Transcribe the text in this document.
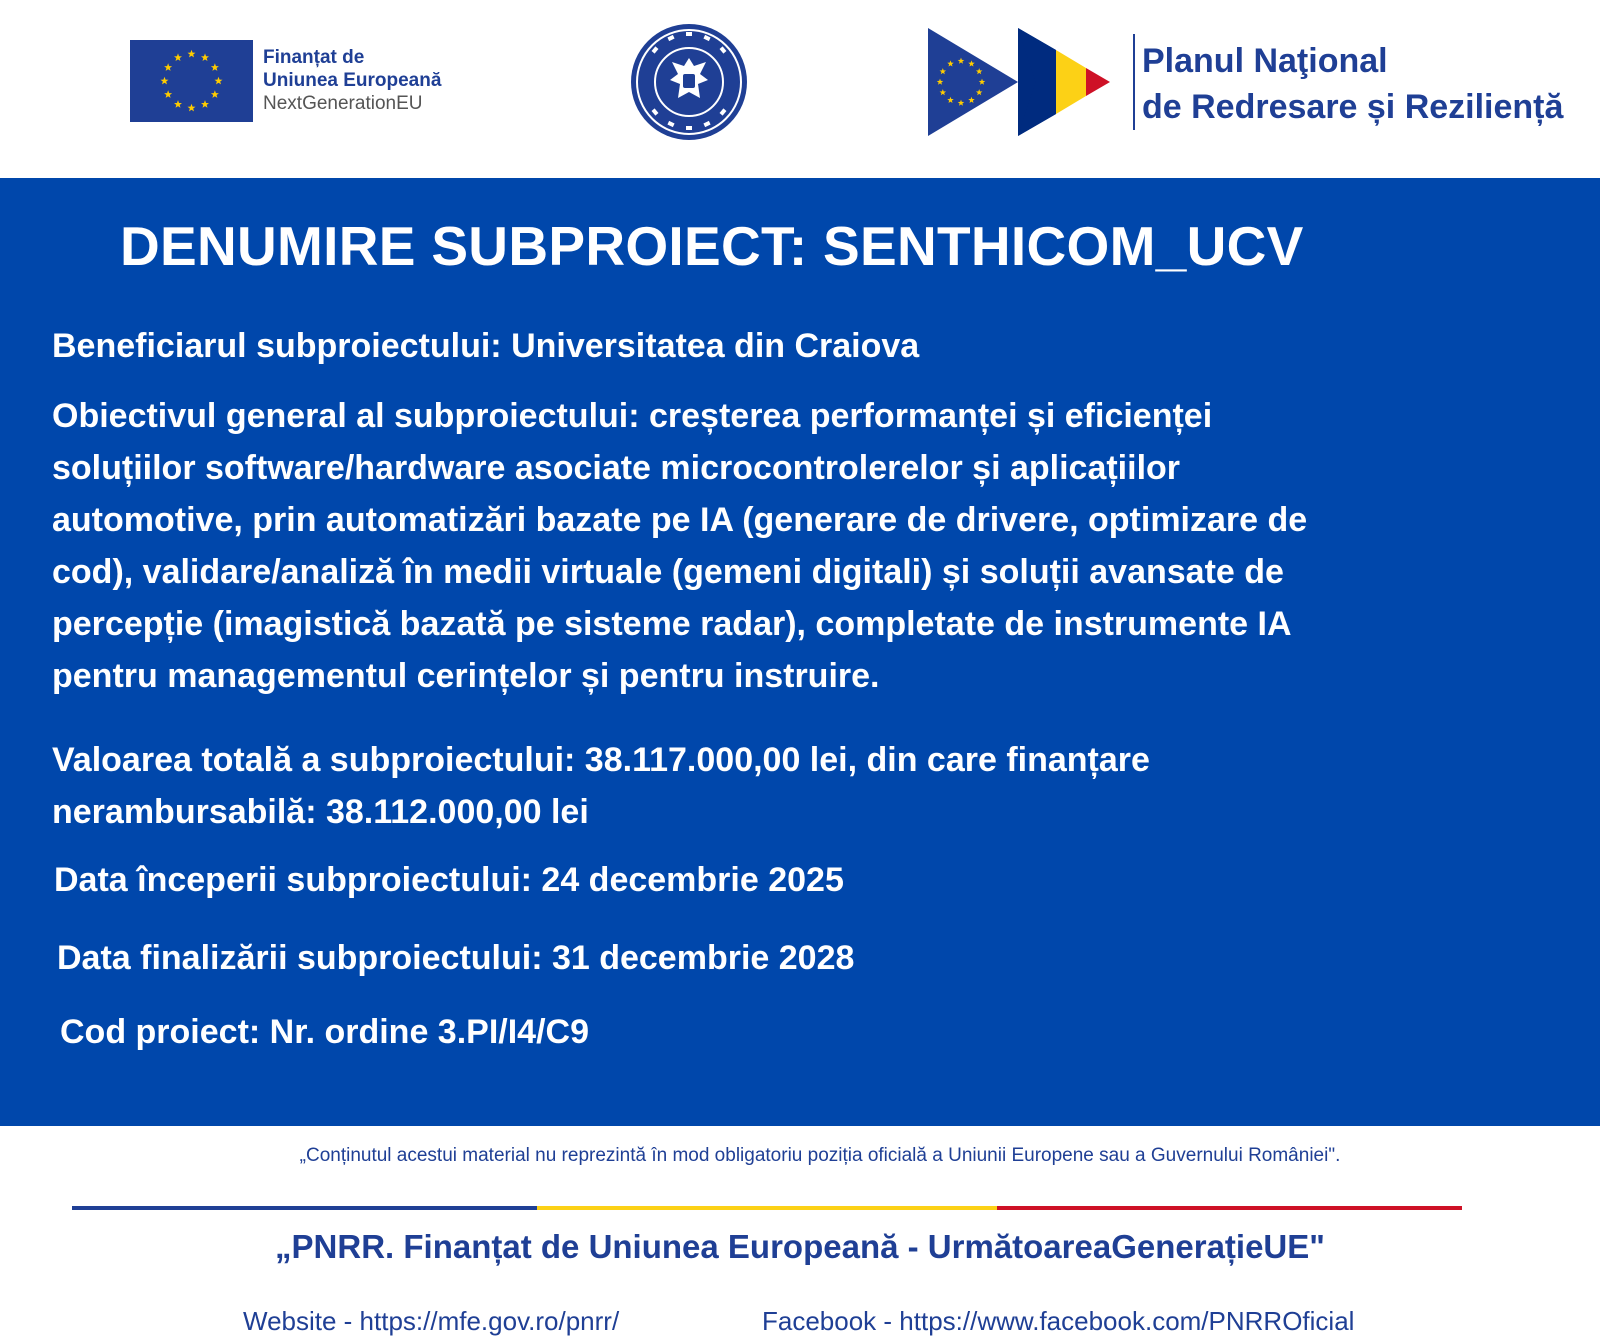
Finanțat de
Uniunea Europeană
NextGenerationEU
Planul Naţional
de Redresare și Reziliență
DENUMIRE SUBPROIECT: SENTHICOM_UCV
Beneficiarul subproiectului: Universitatea din Craiova
Obiectivul general al subproiectului: creșterea performanței și eficienței
soluțiilor software/hardware asociate microcontrolerelor și aplicațiilor
automotive, prin automatizări bazate pe IA (generare de drivere, optimizare de
cod), validare/analiză în medii virtuale (gemeni digitali) și soluții avansate de
percepție (imagistică bazată pe sisteme radar), completate de instrumente IA
pentru managementul cerințelor și pentru instruire.
Valoarea totală a subproiectului: 38.117.000,00 lei, din care finanțare
nerambursabilă: 38.112.000,00 lei
Data începerii subproiectului: 24 decembrie 2025
Data finalizării subproiectului: 31 decembrie 2028
Cod proiect: Nr. ordine 3.PI/I4/C9
„Conținutul acestui material nu reprezintă în mod obligatoriu poziția oficială a Uniunii Europene sau a Guvernului României".
„PNRR. Finanțat de Uniunea Europeană - UrmătoareaGenerațieUE"
Website - https://mfe.gov.ro/pnrr/	Facebook - https://www.facebook.com/PNRROficial
